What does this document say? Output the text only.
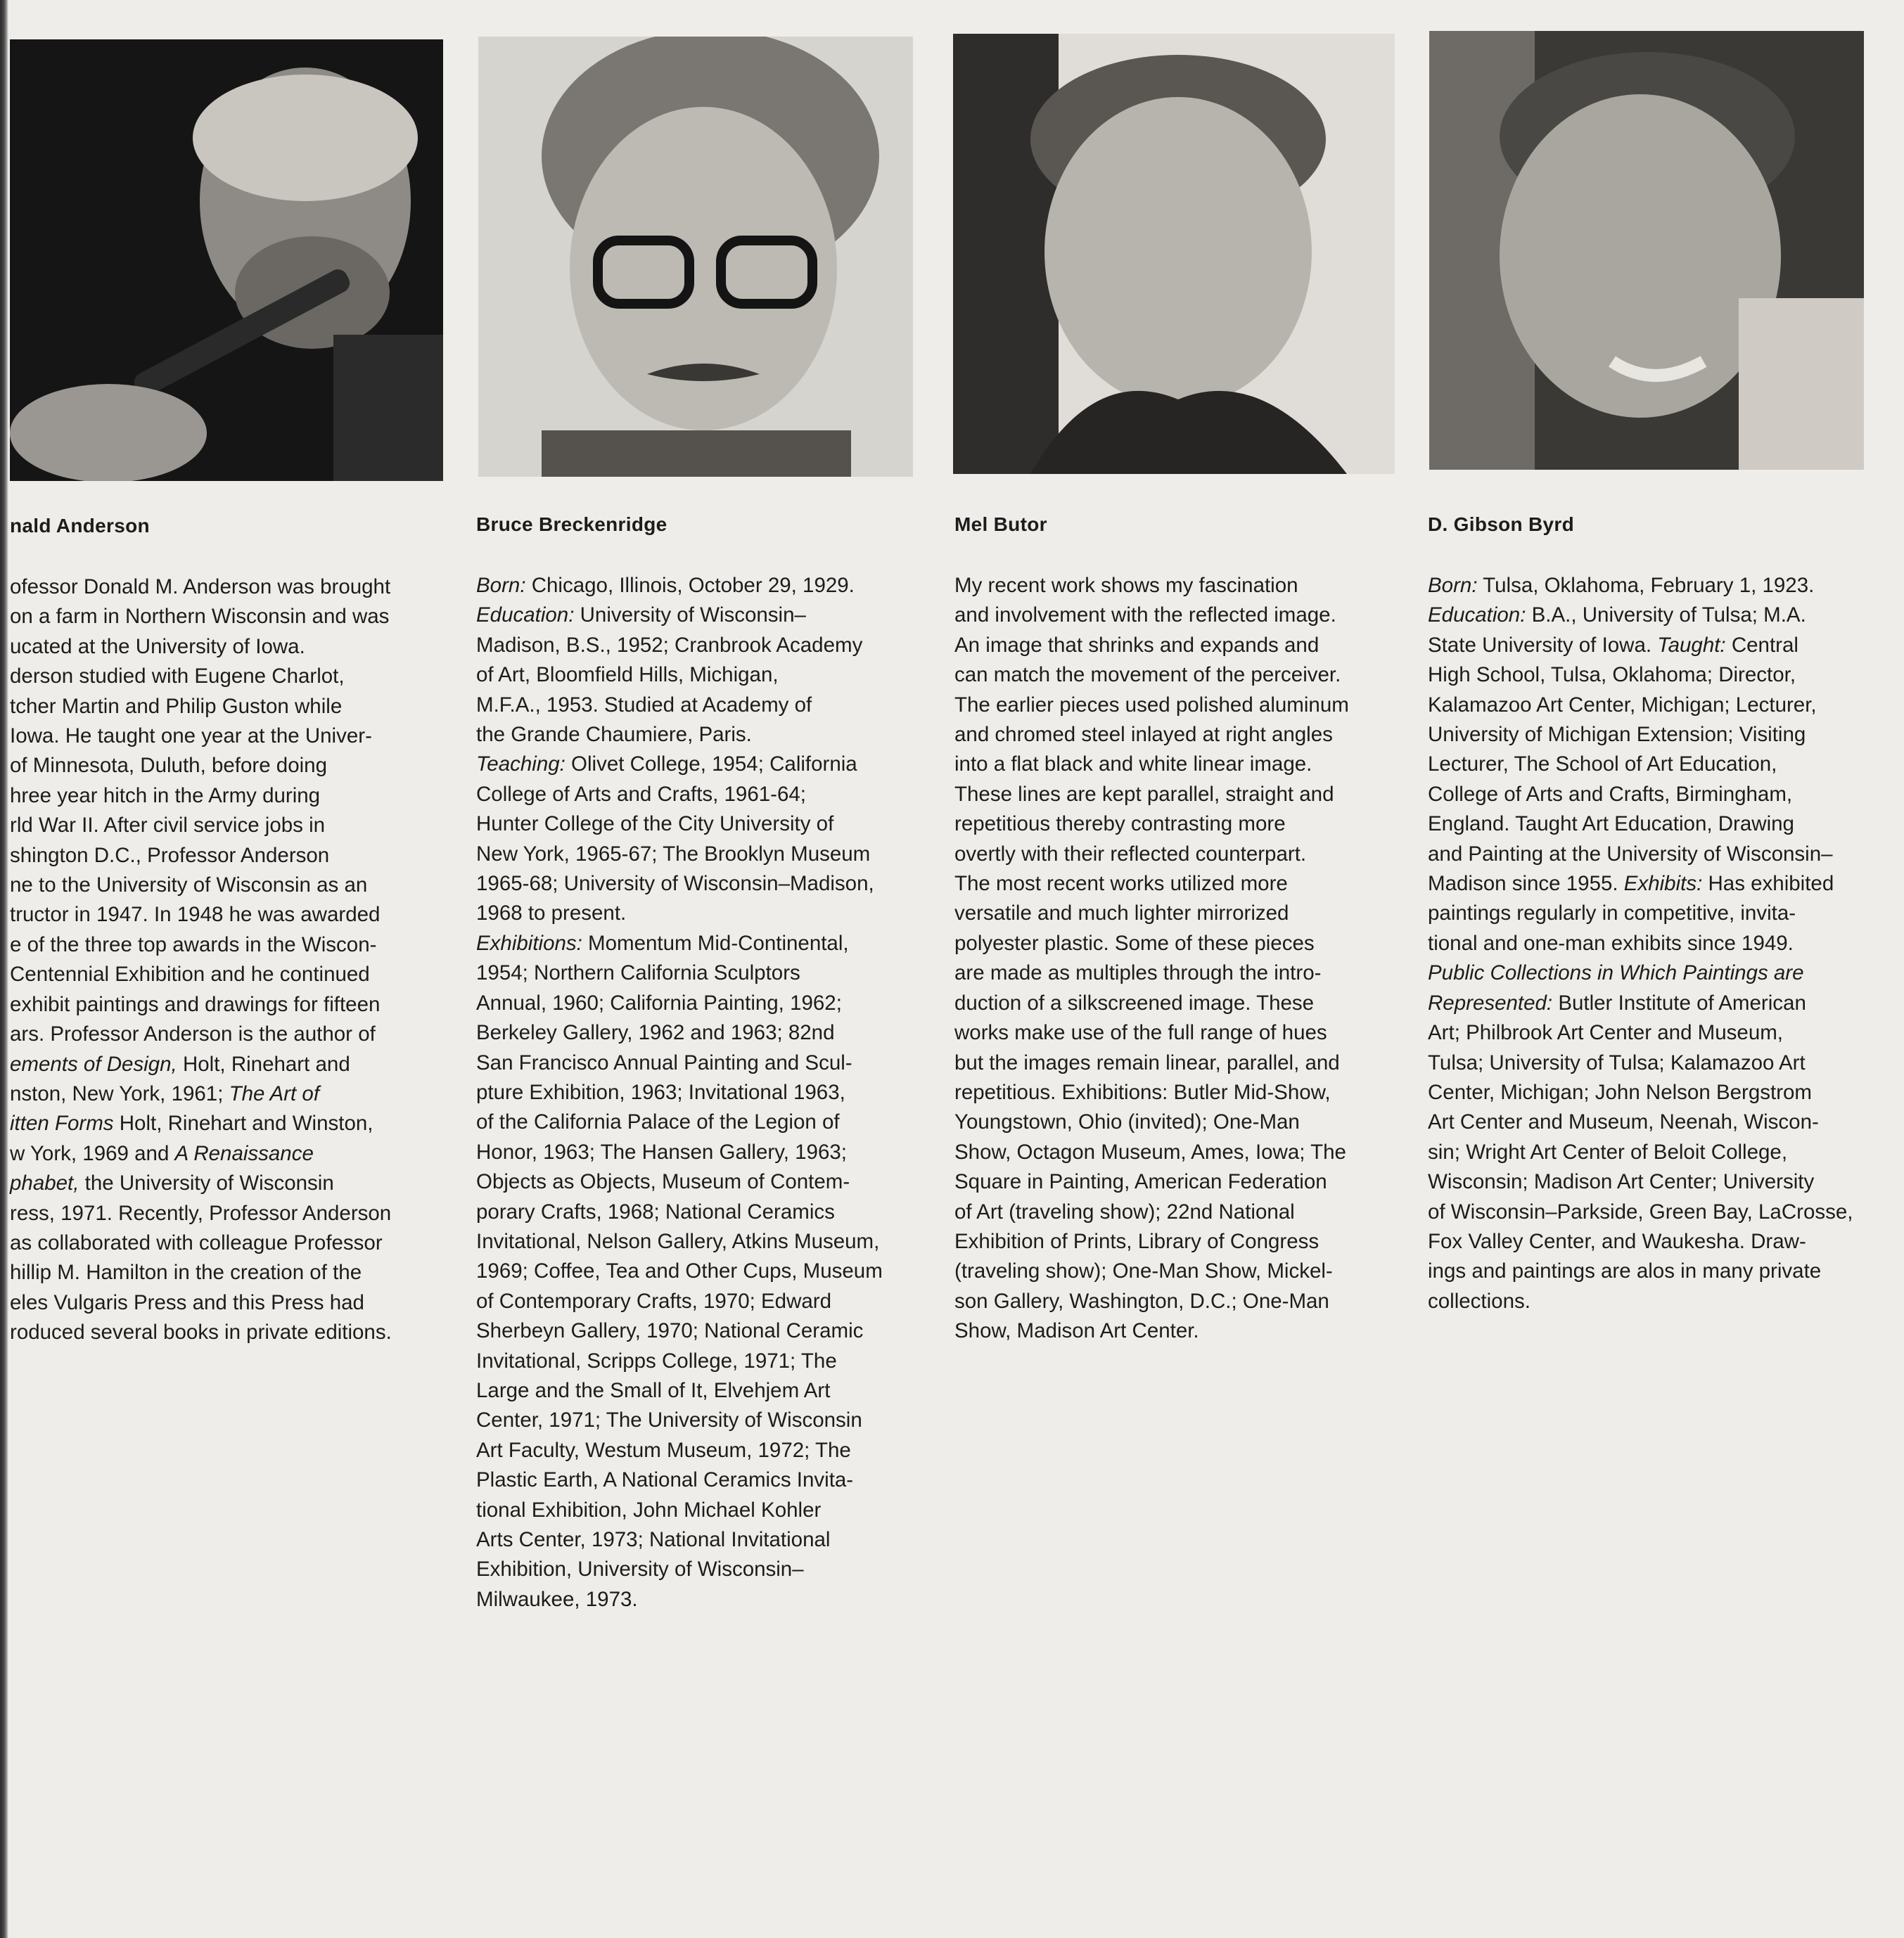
nald Anderson

ofessor Donald M. Anderson was brought
on a farm in Northern Wisconsin and was
ucated at the University of Iowa.
derson studied with Eugene Charlot,
tcher Martin and Philip Guston while
Iowa. He taught one year at the Univer-
of Minnesota, Duluth, before doing
hree year hitch in the Army during
rld War II. After civil service jobs in
shington D.C., Professor Anderson
ne to the University of Wisconsin as an
tructor in 1947. In 1948 he was awarded
e of the three top awards in the Wiscon-
Centennial Exhibition and he continued
exhibit paintings and drawings for fifteen
ars. Professor Anderson is the author of
ements of Design, Holt, Rinehart and
nston, New York, 1961; The Art of
itten Forms Holt, Rinehart and Winston,
w York, 1969 and A Renaissance
phabet, the University of Wisconsin
ress, 1971. Recently, Professor Anderson
as collaborated with colleague Professor
hillip M. Hamilton in the creation of the
eles Vulgaris Press and this Press had
roduced several books in private editions.

Bruce Breckenridge

Born: Chicago, Illinois, October 29, 1929.
Education: University of Wisconsin–
Madison, B.S., 1952; Cranbrook Academy
of Art, Bloomfield Hills, Michigan,
M.F.A., 1953. Studied at Academy of
the Grande Chaumiere, Paris.
Teaching: Olivet College, 1954; California
College of Arts and Crafts, 1961-64;
Hunter College of the City University of
New York, 1965-67; The Brooklyn Museum
1965-68; University of Wisconsin–Madison,
1968 to present.
Exhibitions: Momentum Mid-Continental,
1954; Northern California Sculptors
Annual, 1960; California Painting, 1962;
Berkeley Gallery, 1962 and 1963; 82nd
San Francisco Annual Painting and Scul-
pture Exhibition, 1963; Invitational 1963,
of the California Palace of the Legion of
Honor, 1963; The Hansen Gallery, 1963;
Objects as Objects, Museum of Contem-
porary Crafts, 1968; National Ceramics
Invitational, Nelson Gallery, Atkins Museum,
1969; Coffee, Tea and Other Cups, Museum
of Contemporary Crafts, 1970; Edward
Sherbeyn Gallery, 1970; National Ceramic
Invitational, Scripps College, 1971; The
Large and the Small of It, Elvehjem Art
Center, 1971; The University of Wisconsin
Art Faculty, Westum Museum, 1972; The
Plastic Earth, A National Ceramics Invita-
tional Exhibition, John Michael Kohler
Arts Center, 1973; National Invitational
Exhibition, University of Wisconsin–
Milwaukee, 1973.

Mel Butor

My recent work shows my fascination
and involvement with the reflected image.
An image that shrinks and expands and
can match the movement of the perceiver.
The earlier pieces used polished aluminum
and chromed steel inlayed at right angles
into a flat black and white linear image.
These lines are kept parallel, straight and
repetitious thereby contrasting more
overtly with their reflected counterpart.
The most recent works utilized more
versatile and much lighter mirrorized
polyester plastic. Some of these pieces
are made as multiples through the intro-
duction of a silkscreened image. These
works make use of the full range of hues
but the images remain linear, parallel, and
repetitious. Exhibitions: Butler Mid-Show,
Youngstown, Ohio (invited); One-Man
Show, Octagon Museum, Ames, Iowa; The
Square in Painting, American Federation
of Art (traveling show); 22nd National
Exhibition of Prints, Library of Congress
(traveling show); One-Man Show, Mickel-
son Gallery, Washington, D.C.; One-Man
Show, Madison Art Center.

D. Gibson Byrd

Born: Tulsa, Oklahoma, February 1, 1923.
Education: B.A., University of Tulsa; M.A.
State University of Iowa. Taught: Central
High School, Tulsa, Oklahoma; Director,
Kalamazoo Art Center, Michigan; Lecturer,
University of Michigan Extension; Visiting
Lecturer, The School of Art Education,
College of Arts and Crafts, Birmingham,
England. Taught Art Education, Drawing
and Painting at the University of Wisconsin–
Madison since 1955. Exhibits: Has exhibited
paintings regularly in competitive, invita-
tional and one-man exhibits since 1949.
Public Collections in Which Paintings are
Represented: Butler Institute of American
Art; Philbrook Art Center and Museum,
Tulsa; University of Tulsa; Kalamazoo Art
Center, Michigan; John Nelson Bergstrom
Art Center and Museum, Neenah, Wiscon-
sin; Wright Art Center of Beloit College,
Wisconsin; Madison Art Center; University
of Wisconsin–Parkside, Green Bay, LaCrosse,
Fox Valley Center, and Waukesha. Draw-
ings and paintings are alos in many private
collections.
